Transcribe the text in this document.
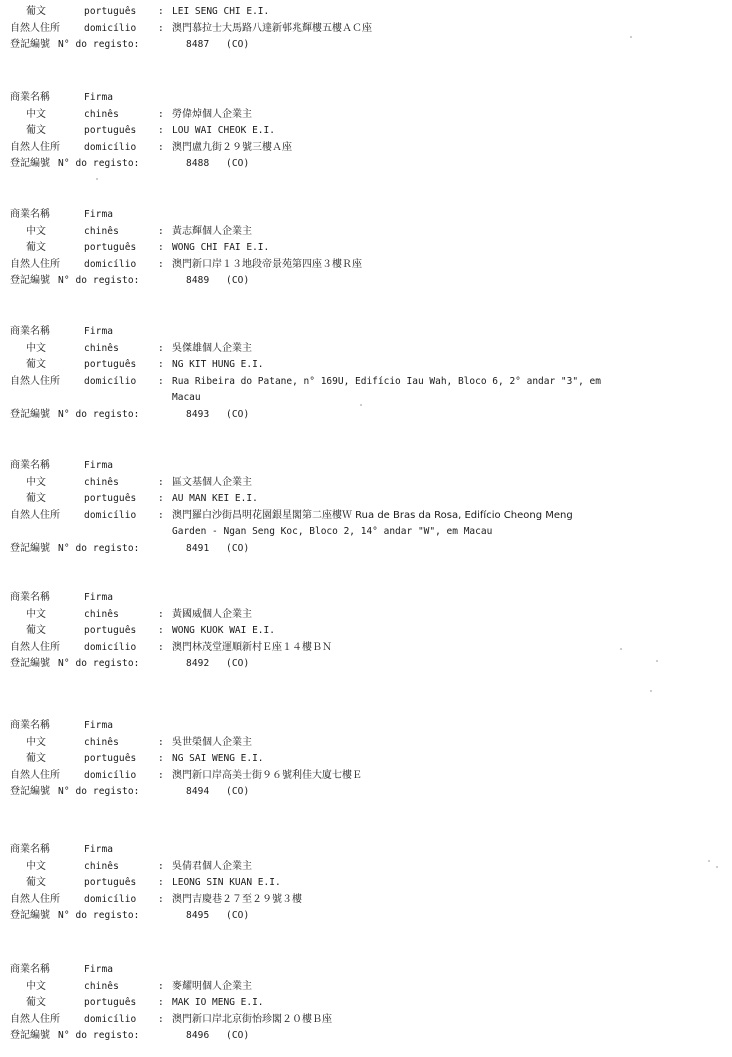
葡文	português : LEI SENG CHI E.I.
自然人住所	domicílio : 澳門慕拉士大馬路八達新邨兆輝樓五樓ＡＣ座
登記編號 N° do registo:	8487 (CO)
商業名稱	Firma
中文	chinês	: 勞偉焯個人企業主
葡文	português : LOU WAI CHEOK E.I.
自然人住所	domicílio : 澳門盧九街２９號三樓Ａ座
登記編號 N° do registo:	8488 (CO)
商業名稱	Firma
中文	chinês	: 黃志輝個人企業主
葡文	português : WONG CHI FAI E.I.
自然人住所	domicílio : 澳門新口岸１３地段帝景苑第四座３樓Ｒ座
登記編號 N° do registo:	8489 (CO)
商業名稱	Firma
中文	chinês	: 吳傑雄個人企業主
葡文	português : NG KIT HUNG E.I.
自然人住所	domicílio : Rua Ribeira do Patane, n° 169U, Edifício Iau Wah, Bloco 6, 2° andar "3", em
Macau
登記編號 N° do registo:	8493 (CO)
商業名稱	Firma
中文	chinês	: 區文基個人企業主
葡文	português : AU MAN KEI E.I.
自然人住所	domicílio : 澳門羅白沙街昌明花園銀星閣第二座樓Ｗ Rua de Bras da Rosa, Edifício Cheong Meng
Garden - Ngan Seng Koc, Bloco 2, 14° andar "W", em Macau
登記編號 N° do registo:	8491 (CO)
商業名稱	Firma
中文	chinês	: 黃國威個人企業主
葡文	português : WONG KUOK WAI E.I.
自然人住所	domicílio : 澳門林茂堂運順新村Ｅ座１４樓ＢＮ
登記編號 N° do registo:	8492 (CO)
商業名稱	Firma
中文	chinês	: 吳世榮個人企業主
葡文	português : NG SAI WENG E.I.
自然人住所	domicílio : 澳門新口岸高美士街９６號利佳大廈七樓Ｅ
登記編號 N° do registo:	8494 (CO)
商業名稱	Firma
中文	chinês	: 吳倩君個人企業主
葡文	português : LEONG SIN KUAN E.I.
自然人住所	domicílio : 澳門吉慶巷２７至２９號３樓
登記編號 N° do registo:	8495 (CO)
商業名稱	Firma
中文	chinês	: 麥耀明個人企業主
葡文	português : MAK IO MENG E.I.
自然人住所	domicílio : 澳門新口岸北京街怡珍閣２０樓Ｂ座
登記編號 N° do registo:	8496 (CO)
